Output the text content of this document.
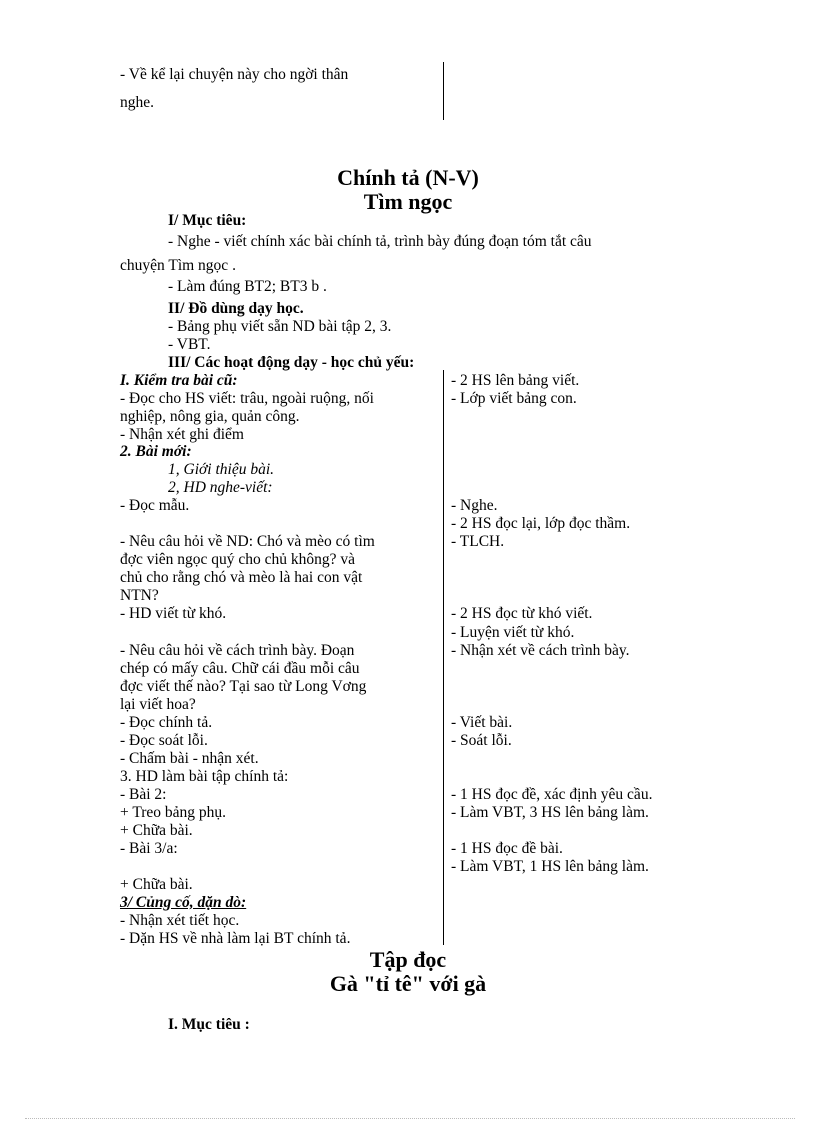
- Về kể lại chuyện này cho ngời thân
nghe.
Chính tả (N-V)
Tìm ngọc
I/ Mục tiêu:
- Nghe - viết chính xác bài chính tả, trình bày đúng đoạn tóm tắt câu
chuyện Tìm ngọc .
- Làm đúng BT2; BT3 b .
II/ Đồ dùng dạy học.
- Bảng phụ viết sẵn ND bài tập 2, 3.
- VBT.
III/ Các hoạt động dạy - học chủ yếu:
I. Kiểm tra bài cũ:
- Đọc cho HS viết: trâu, ngoài ruộng, nối
nghiệp, nông gia, quản công.
- Nhận xét ghi điểm
2. Bài mới:
1, Giới thiệu bài.
2, HD nghe-viết:
- Đọc mẫu.
- Nêu câu hỏi về ND: Chó và mèo có tìm
đợc viên ngọc quý cho chủ không? và
chủ cho rằng chó và mèo là hai con vật
NTN?
- HD viết từ khó.
- Nêu câu hỏi về cách trình bày. Đoạn
chép có mấy câu. Chữ cái đầu mỗi câu
đợc viết thế nào? Tại sao từ Long Vơng
lại viết hoa?
- Đọc chính tả.
- Đọc soát lỗi.
- Chấm bài - nhận xét.
3. HD làm bài tập chính tả:
- Bài 2:
+ Treo bảng phụ.
+ Chữa bài.
- Bài 3/a:
+ Chữa bài.
3/ Củng cố, dặn dò:
- Nhận xét tiết học.
- Dặn HS về nhà làm lại BT chính tả.
- 2 HS lên bảng viết.
- Lớp viết bảng con.
- Nghe.
- 2 HS đọc lại, lớp đọc thầm.
- TLCH.
- 2 HS đọc từ khó viết.
- Luyện viết từ khó.
- Nhận xét về cách trình bày.
- Viết bài.
- Soát lỗi.
- 1 HS đọc đề, xác định yêu cầu.
- Làm VBT, 3 HS lên bảng làm.
- 1 HS đọc đề bài.
- Làm VBT, 1 HS lên bảng làm.
Tập đọc
Gà "tỉ tê" với gà
I. Mục tiêu :
